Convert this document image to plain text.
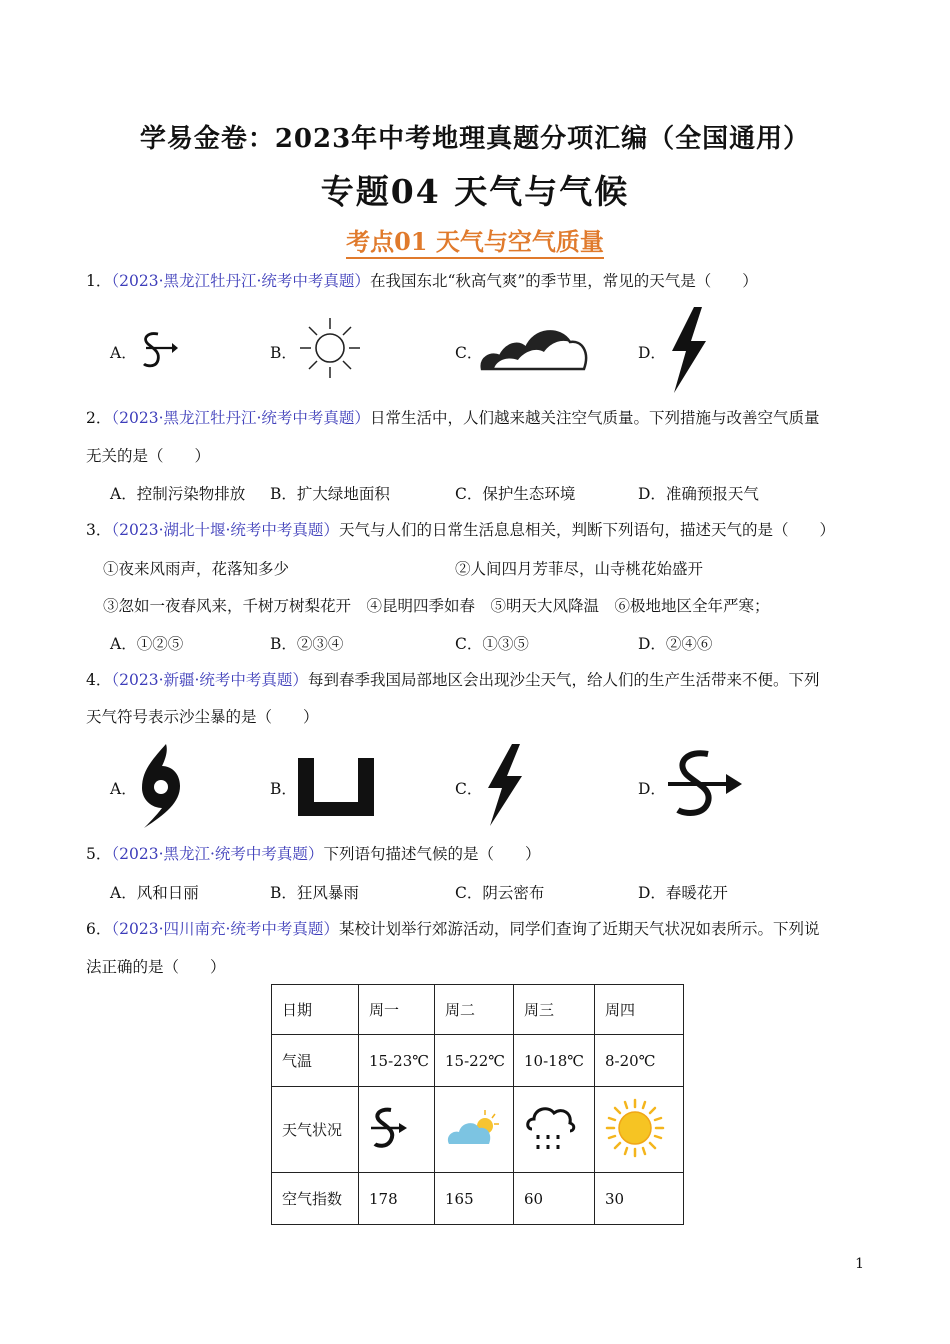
学易金卷：2023年中考地理真题分项汇编（全国通用）
专题04 天气与气候
考点01 天气与空气质量
1．（2023·黑龙江牡丹江·统考中考真题）在我国东北“秋高气爽”的季节里，常见的天气是（　　）
A．	B．	C．	D．
2．（2023·黑龙江牡丹江·统考中考真题）日常生活中，人们越来越关注空气质量。下列措施与改善空气质量
无关的是（　　）
A．控制污染物排放 B．扩大绿地面积	C．保护生态环境	D．准确预报天气
3．（2023·湖北十堰·统考中考真题）天气与人们的日常生活息息相关，判断下列语句，描述天气的是（　　）
①夜来风雨声，花落知多少	②人间四月芳菲尽，山寺桃花始盛开
③忽如一夜春风来，千树万树梨花开　④昆明四季如春　⑤明天大风降温　⑥极地地区全年严寒；
A．①②⑤	B．②③④	C．①③⑤	D．②④⑥
4．（2023·新疆·统考中考真题）每到春季我国局部地区会出现沙尘天气，给人们的生产生活带来不便。下列
天气符号表示沙尘暴的是（　　）
A．	B．	C．	D．
5．（2023·黑龙江·统考中考真题）下列语句描述气候的是（　　）
A．风和日丽	B．狂风暴雨	C．阴云密布	D．春暖花开
6．（2023·四川南充·统考中考真题）某校计划举行郊游活动，同学们查询了近期天气状况如表所示。下列说
法正确的是（　　）
日期	周一	周二	周三	周四
气温	15-23℃	15-22℃	10-18℃	8-20℃
天气状况				
空气指数	178	165	60	30
1
